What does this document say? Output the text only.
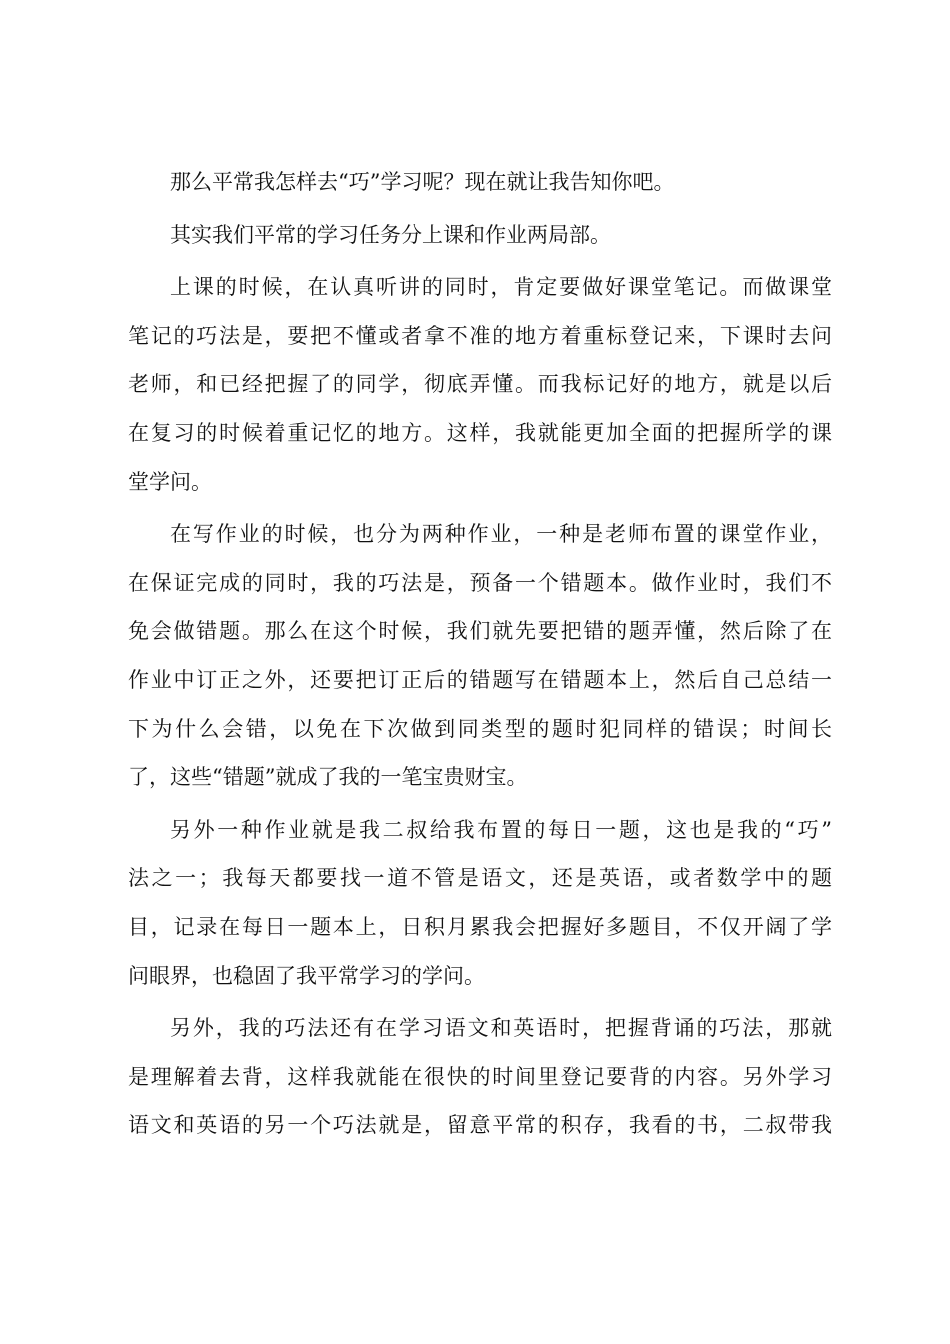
那么平常我怎样去“巧”学习呢？现在就让我告知你吧。
其实我们平常的学习任务分上课和作业两局部。
上课的时候，在认真听讲的同时，肯定要做好课堂笔记。而做课堂
笔记的巧法是，要把不懂或者拿不准的地方着重标登记来，下课时去问
老师，和已经把握了的同学，彻底弄懂。而我标记好的地方，就是以后
在复习的时候着重记忆的地方。这样，我就能更加全面的把握所学的课
堂学问。
在写作业的时候，也分为两种作业，一种是老师布置的课堂作业，
在保证完成的同时，我的巧法是，预备一个错题本。做作业时，我们不
免会做错题。那么在这个时候，我们就先要把错的题弄懂，然后除了在
作业中订正之外，还要把订正后的错题写在错题本上，然后自己总结一
下为什么会错，以免在下次做到同类型的题时犯同样的错误；时间长
了，这些“错题”就成了我的一笔宝贵财宝。
另外一种作业就是我二叔给我布置的每日一题，这也是我的“巧”
法之一；我每天都要找一道不管是语文，还是英语，或者数学中的题
目，记录在每日一题本上，日积月累我会把握好多题目，不仅开阔了学
问眼界，也稳固了我平常学习的学问。
另外，我的巧法还有在学习语文和英语时，把握背诵的巧法，那就
是理解着去背，这样我就能在很快的时间里登记要背的内容。另外学习
语文和英语的另一个巧法就是，留意平常的积存，我看的书，二叔带我
